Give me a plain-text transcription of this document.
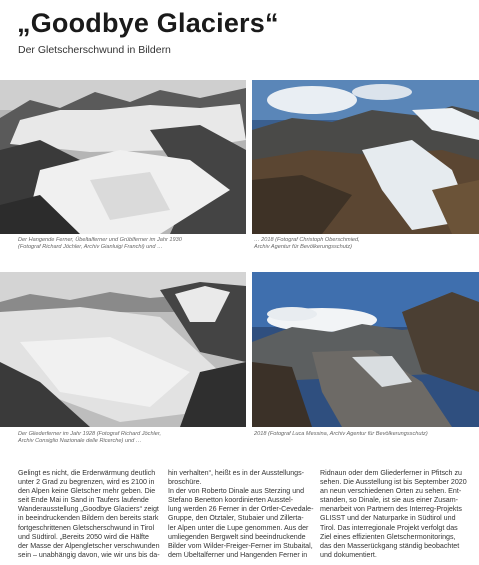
„Goodbye Glaciers“
Der Gletscherschwund in Bildern
Der Hangende Ferner, Übeltalferner und Grüblferner im Jahr 1930
(Fotograf Richard Jöchler, Archiv Gianluigi Franchi) und …
… 2018 (Fotograf Christoph Oberschmied,
Archiv Agentur für Bevölkerungsschutz)
Der Gliederferner im Jahr 1928 (Fotograf Richard Jöchler,
Archiv Consiglio Nazionale delle Ricerche) und …
2018 (Fotograf Luca Messina, Archiv Agentur für Bevölkerungsschutz)
Gelingt es nicht, die Erderwärmung deutlich
unter 2 Grad zu begrenzen, wird es 2100 in
den Alpen keine Gletscher mehr geben. Die
seit Ende Mai in Sand in Taufers laufende
Wanderausstellung „Goodbye Glaciers“ zeigt
in beeindruckenden Bildern den bereits stark
fortgeschrittenen Gletscherschwund in Tirol
und Südtirol. „Bereits 2050 wird die Hälfte
der Masse der Alpengletscher verschwunden
sein – unabhängig davon, wie wir uns bis da-
hin verhalten“, heißt es in der Ausstellungs-
broschüre.
In der von Roberto Dinale aus Sterzing und
Stefano Benetton koordinierten Ausstel-
lung werden 26 Ferner in der Ortler-Cevedale-
Gruppe, den Ötztaler, Stubaier und Zillerta-
ler Alpen unter die Lupe genommen. Aus der
umliegenden Bergwelt sind beeindruckende
Bilder vom Wilder-Freiger-Ferner im Stubaital,
dem Übeltalferner und Hangenden Ferner in
Ridnaun oder dem Gliederferner in Pfitsch zu
sehen. Die Ausstellung ist bis September 2020
an neun verschiedenen Orten zu sehen. Ent-
standen, so Dinale, ist sie aus einer Zusam-
menarbeit von Partnern des Interreg-Projekts
GLISST und der Naturparke in Südtirol und
Tirol. Das interregionale Projekt verfolgt das
Ziel eines effizienten Gletschermonitorings,
das den Masserückgang ständig beobachtet
und dokumentiert.
